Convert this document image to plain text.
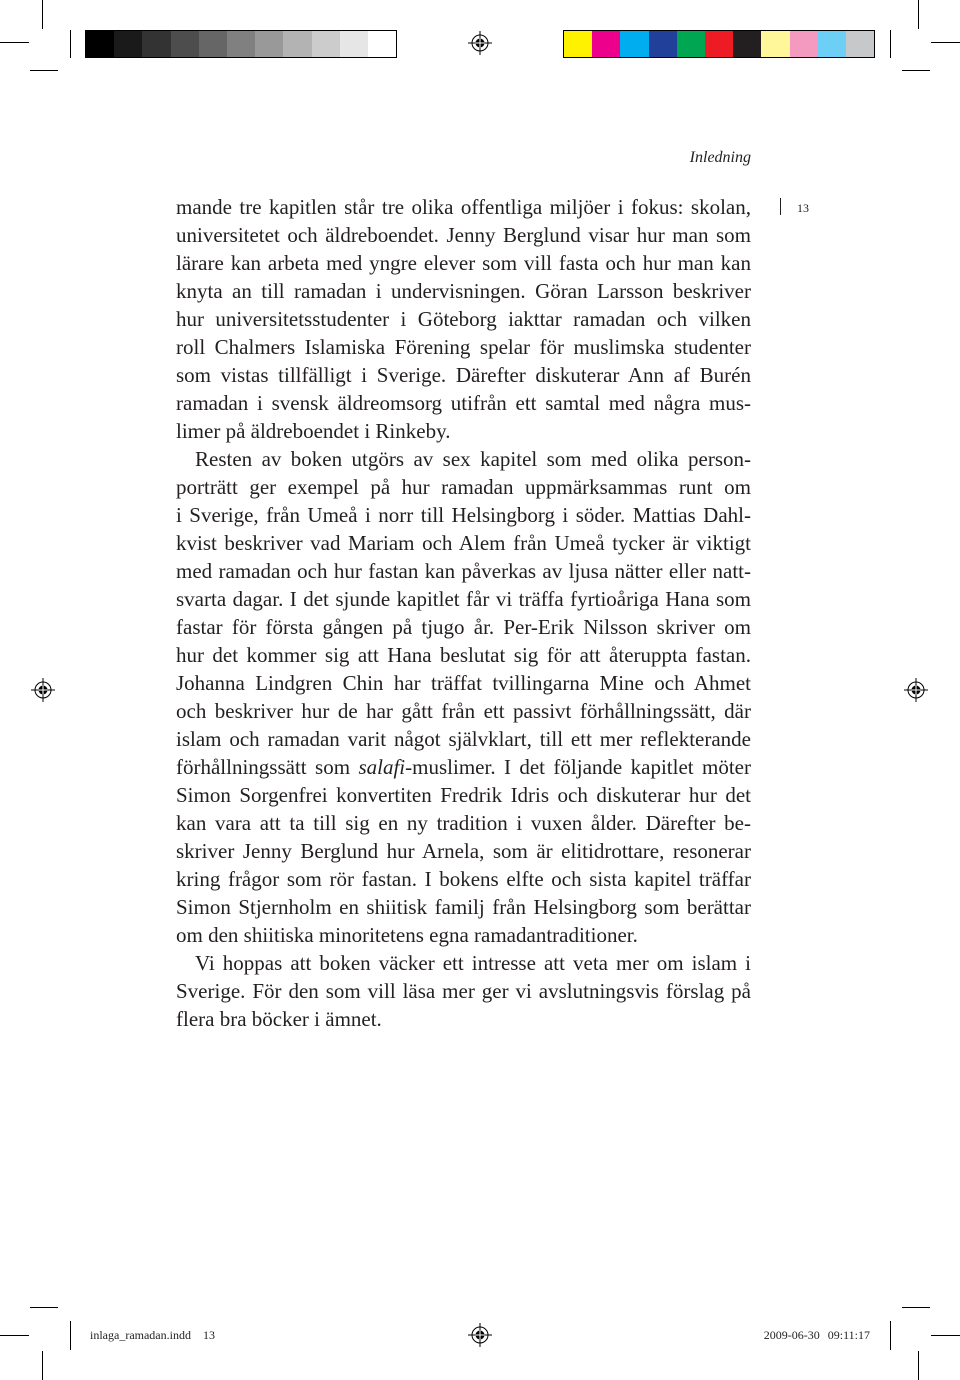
Inledning
13
mande tre kapitlen står tre olika offentliga miljöer i fokus: skolan,
universitetet och äldreboendet. Jenny Berglund visar hur man som
lärare kan arbeta med yngre elever som vill fasta och hur man kan
knyta an till ramadan i undervisningen. Göran Larsson beskriver
hur universitetsstudenter i Göteborg iakttar ramadan och vilken
roll Chalmers Islamiska Förening spelar för muslimska studenter
som vistas tillfälligt i Sverige. Därefter diskuterar Ann af Burén
ramadan i svensk äldreomsorg utifrån ett samtal med några mus-
limer på äldreboendet i Rinkeby.
Resten av boken utgörs av sex kapitel som med olika person-
porträtt ger exempel på hur ramadan uppmärksammas runt om
i Sverige, från Umeå i norr till Helsingborg i söder. Mattias Dahl-
kvist beskriver vad Mariam och Alem från Umeå tycker är viktigt
med ramadan och hur fastan kan påverkas av ljusa nätter eller natt-
svarta dagar. I det sjunde kapitlet får vi träffa fyrtioåriga Hana som
fastar för första gången på tjugo år. Per-Erik Nilsson skriver om
hur det kommer sig att Hana beslutat sig för att återuppta fastan.
Johanna Lindgren Chin har träffat tvillingarna Mine och Ahmet
och beskriver hur de har gått från ett passivt förhållningssätt, där
islam och ramadan varit något självklart, till ett mer reflekterande
förhållningssätt som salafi-muslimer. I det följande kapitlet möter
Simon Sorgenfrei konvertiten Fredrik Idris och diskuterar hur det
kan vara att ta till sig en ny tradition i vuxen ålder. Därefter be-
skriver Jenny Berglund hur Arnela, som är elitidrottare, resonerar
kring frågor som rör fastan. I bokens elfte och sista kapitel träffar
Simon Stjernholm en shiitisk familj från Helsingborg som berättar
om den shiitiska minoritetens egna ramadantraditioner.
Vi hoppas att boken väcker ett intresse att veta mer om islam i
Sverige. För den som vill läsa mer ger vi avslutningsvis förslag på
flera bra böcker i ämnet.
inlaga_ramadan.indd 13	2009-06-30 09:11:17
